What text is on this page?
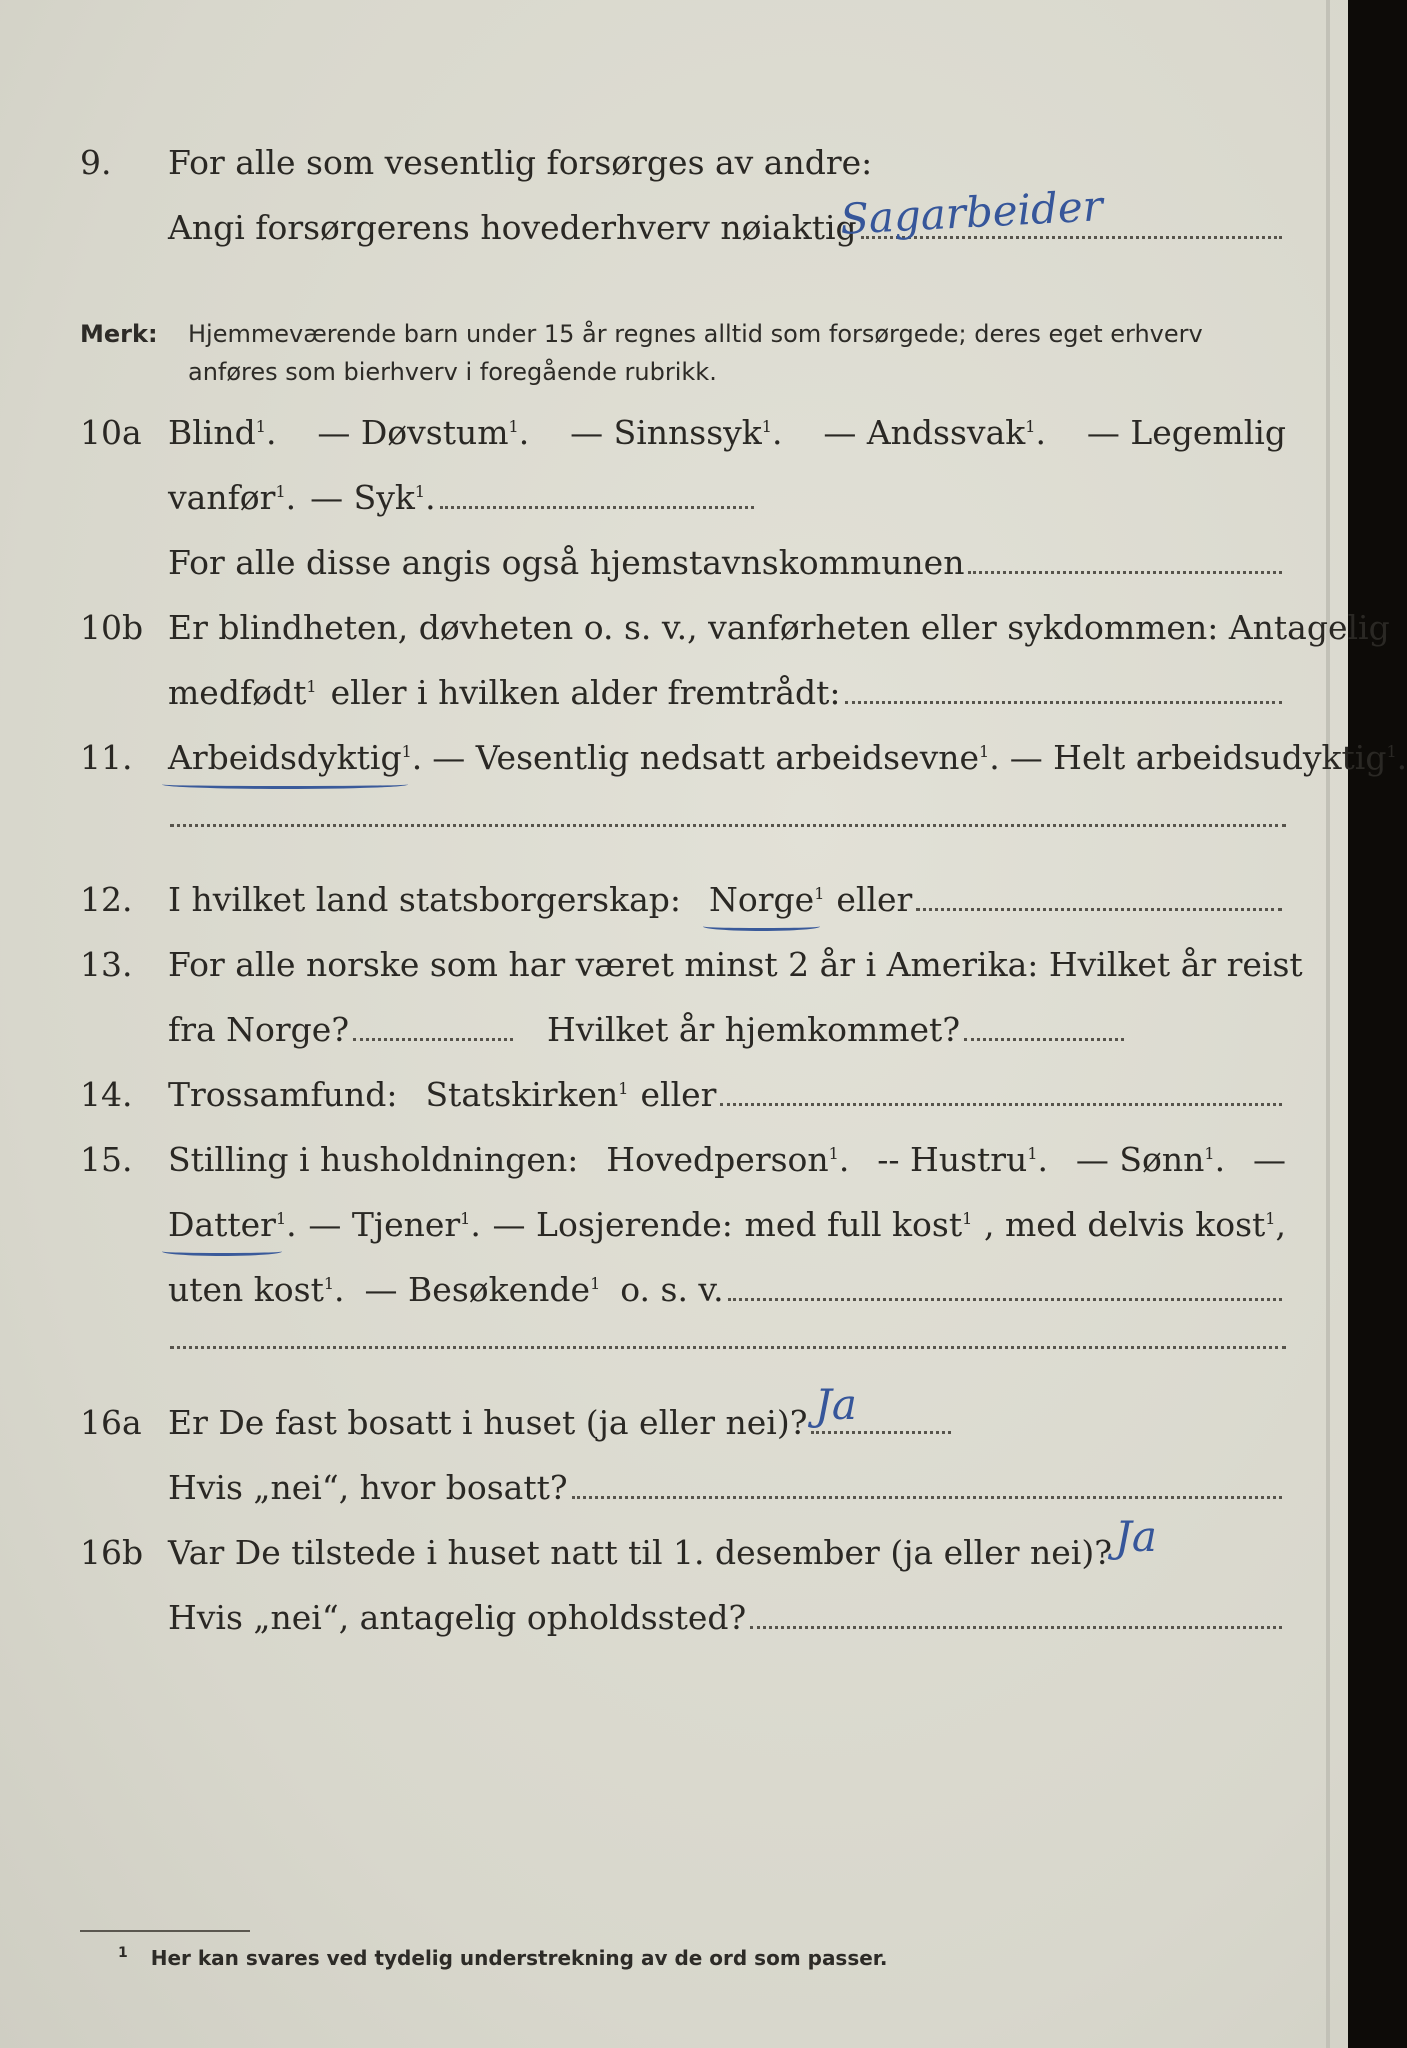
9.	For alle som vesentlig forsørges av andre:
Angi forsørgerens hovederhverv nøiaktig
Sagarbeider
Merk: Hjemmeværende barn under 15 år regnes alltid som forsørgede; deres eget erhverv
anføres som bierhverv i foregående rubrikk.
10a Blind$^1$. — Døvstum$^1$. — Sinnssyk$^1$. — Andssvak$^1$. — Legemlig
vanfør$^1$. — Syk$^1$.
For alle disse angis også hjemstavnskommunen
10b Er blindheten, døvheten o. s. v., vanførheten eller sykdommen: Antagelig
medfødt$^1$ eller i hvilken alder fremtrådt:
11.	Arbeidsdyktig$^1$. — Vesentlig nedsatt arbeidsevne$^1$. — Helt arbeidsudyktig$^1$.
12.	I hvilket land statsborgerskap: Norge$^1$ eller
13.	For alle norske som har været minst 2 år i Amerika: Hvilket år reist
fra Norge?	Hvilket år hjemkommet?
14.	Trossamfund: Statskirken$^1$ eller
15.	Stilling i husholdningen: Hovedperson$^1$. -- Hustru$^1$. — Sønn$^1$. —
Datter$^1$. — Tjener$^1$. — Losjerende: med full kost$^1$ , med delvis kost$^1$,
uten kost$^1$. — Besøkende$^1$ o. s. v.
16a Er De fast bosatt i huset (ja eller nei)? Ja
Hvis „nei“, hvor bosatt?
16b Var De tilstede i huset natt til 1. desember (ja eller nei)? Ja
Hvis „nei“, antagelig opholdssted?
$^1$ Her kan svares ved tydelig understrekning av de ord som passer.
